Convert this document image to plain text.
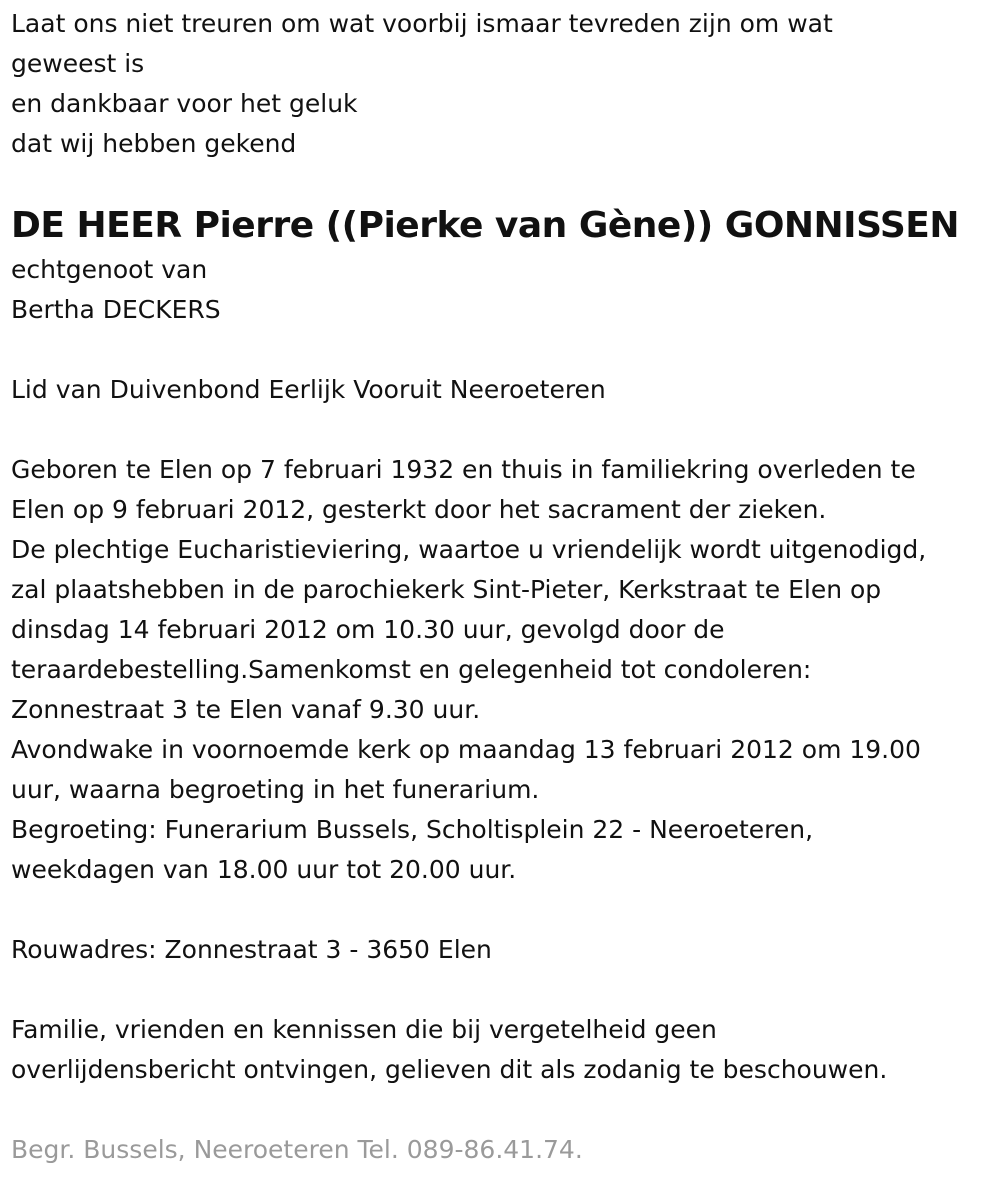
Laat ons niet treuren om wat voorbij ismaar tevreden zijn om wat
geweest is
en dankbaar voor het geluk
dat wij hebben gekend
DE HEER Pierre ((Pierke van Gène)) GONNISSEN
echtgenoot van
Bertha DECKERS
Lid van Duivenbond Eerlijk Vooruit Neeroeteren
Geboren te Elen op 7 februari 1932 en thuis in familiekring overleden te
Elen op 9 februari 2012, gesterkt door het sacrament der zieken.
De plechtige Eucharistieviering, waartoe u vriendelijk wordt uitgenodigd,
zal plaatshebben in de parochiekerk Sint-Pieter, Kerkstraat te Elen op
dinsdag 14 februari 2012 om 10.30 uur, gevolgd door de
teraardebestelling.Samenkomst en gelegenheid tot condoleren:
Zonnestraat 3 te Elen vanaf 9.30 uur.
Avondwake in voornoemde kerk op maandag 13 februari 2012 om 19.00
uur, waarna begroeting in het funerarium.
Begroeting: Funerarium Bussels, Scholtisplein 22 - Neeroeteren,
weekdagen van 18.00 uur tot 20.00 uur.
Rouwadres: Zonnestraat 3 - 3650 Elen
Familie, vrienden en kennissen die bij vergetelheid geen
overlijdensbericht ontvingen, gelieven dit als zodanig te beschouwen.
Begr. Bussels, Neeroeteren Tel. 089-86.41.74.
